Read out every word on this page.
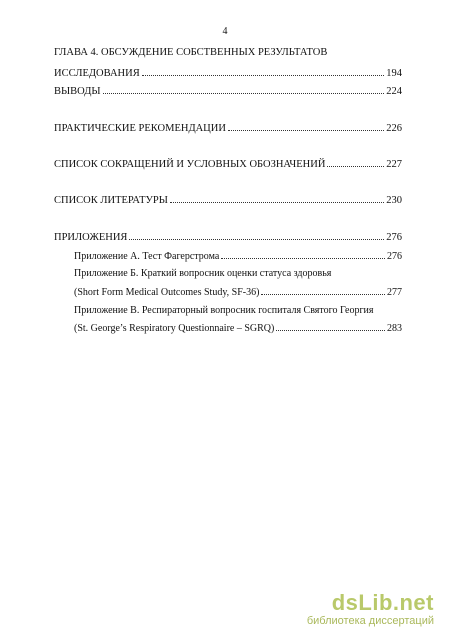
4
ГЛАВА 4. ОБСУЖДЕНИЕ СОБСТВЕННЫХ РЕЗУЛЬТАТОВ
ИССЛЕДОВАНИЯ	194
ВЫВОДЫ	224
ПРАКТИЧЕСКИЕ РЕКОМЕНДАЦИИ	226
СПИСОК СОКРАЩЕНИЙ И УСЛОВНЫХ ОБОЗНАЧЕНИЙ	227
СПИСОК ЛИТЕРАТУРЫ	230
ПРИЛОЖЕНИЯ	276
Приложение А. Тест Фагерстрома	276
Приложение Б. Краткий вопросник оценки статуса здоровья
(Short Form Medical Outcomes Study, SF-36)	277
Приложение В. Респираторный вопросник госпиталя Святого Георгия
(St. George’s Respiratory Questionnaire – SGRQ)	283
dsLib.net
библиотека диссертаций
